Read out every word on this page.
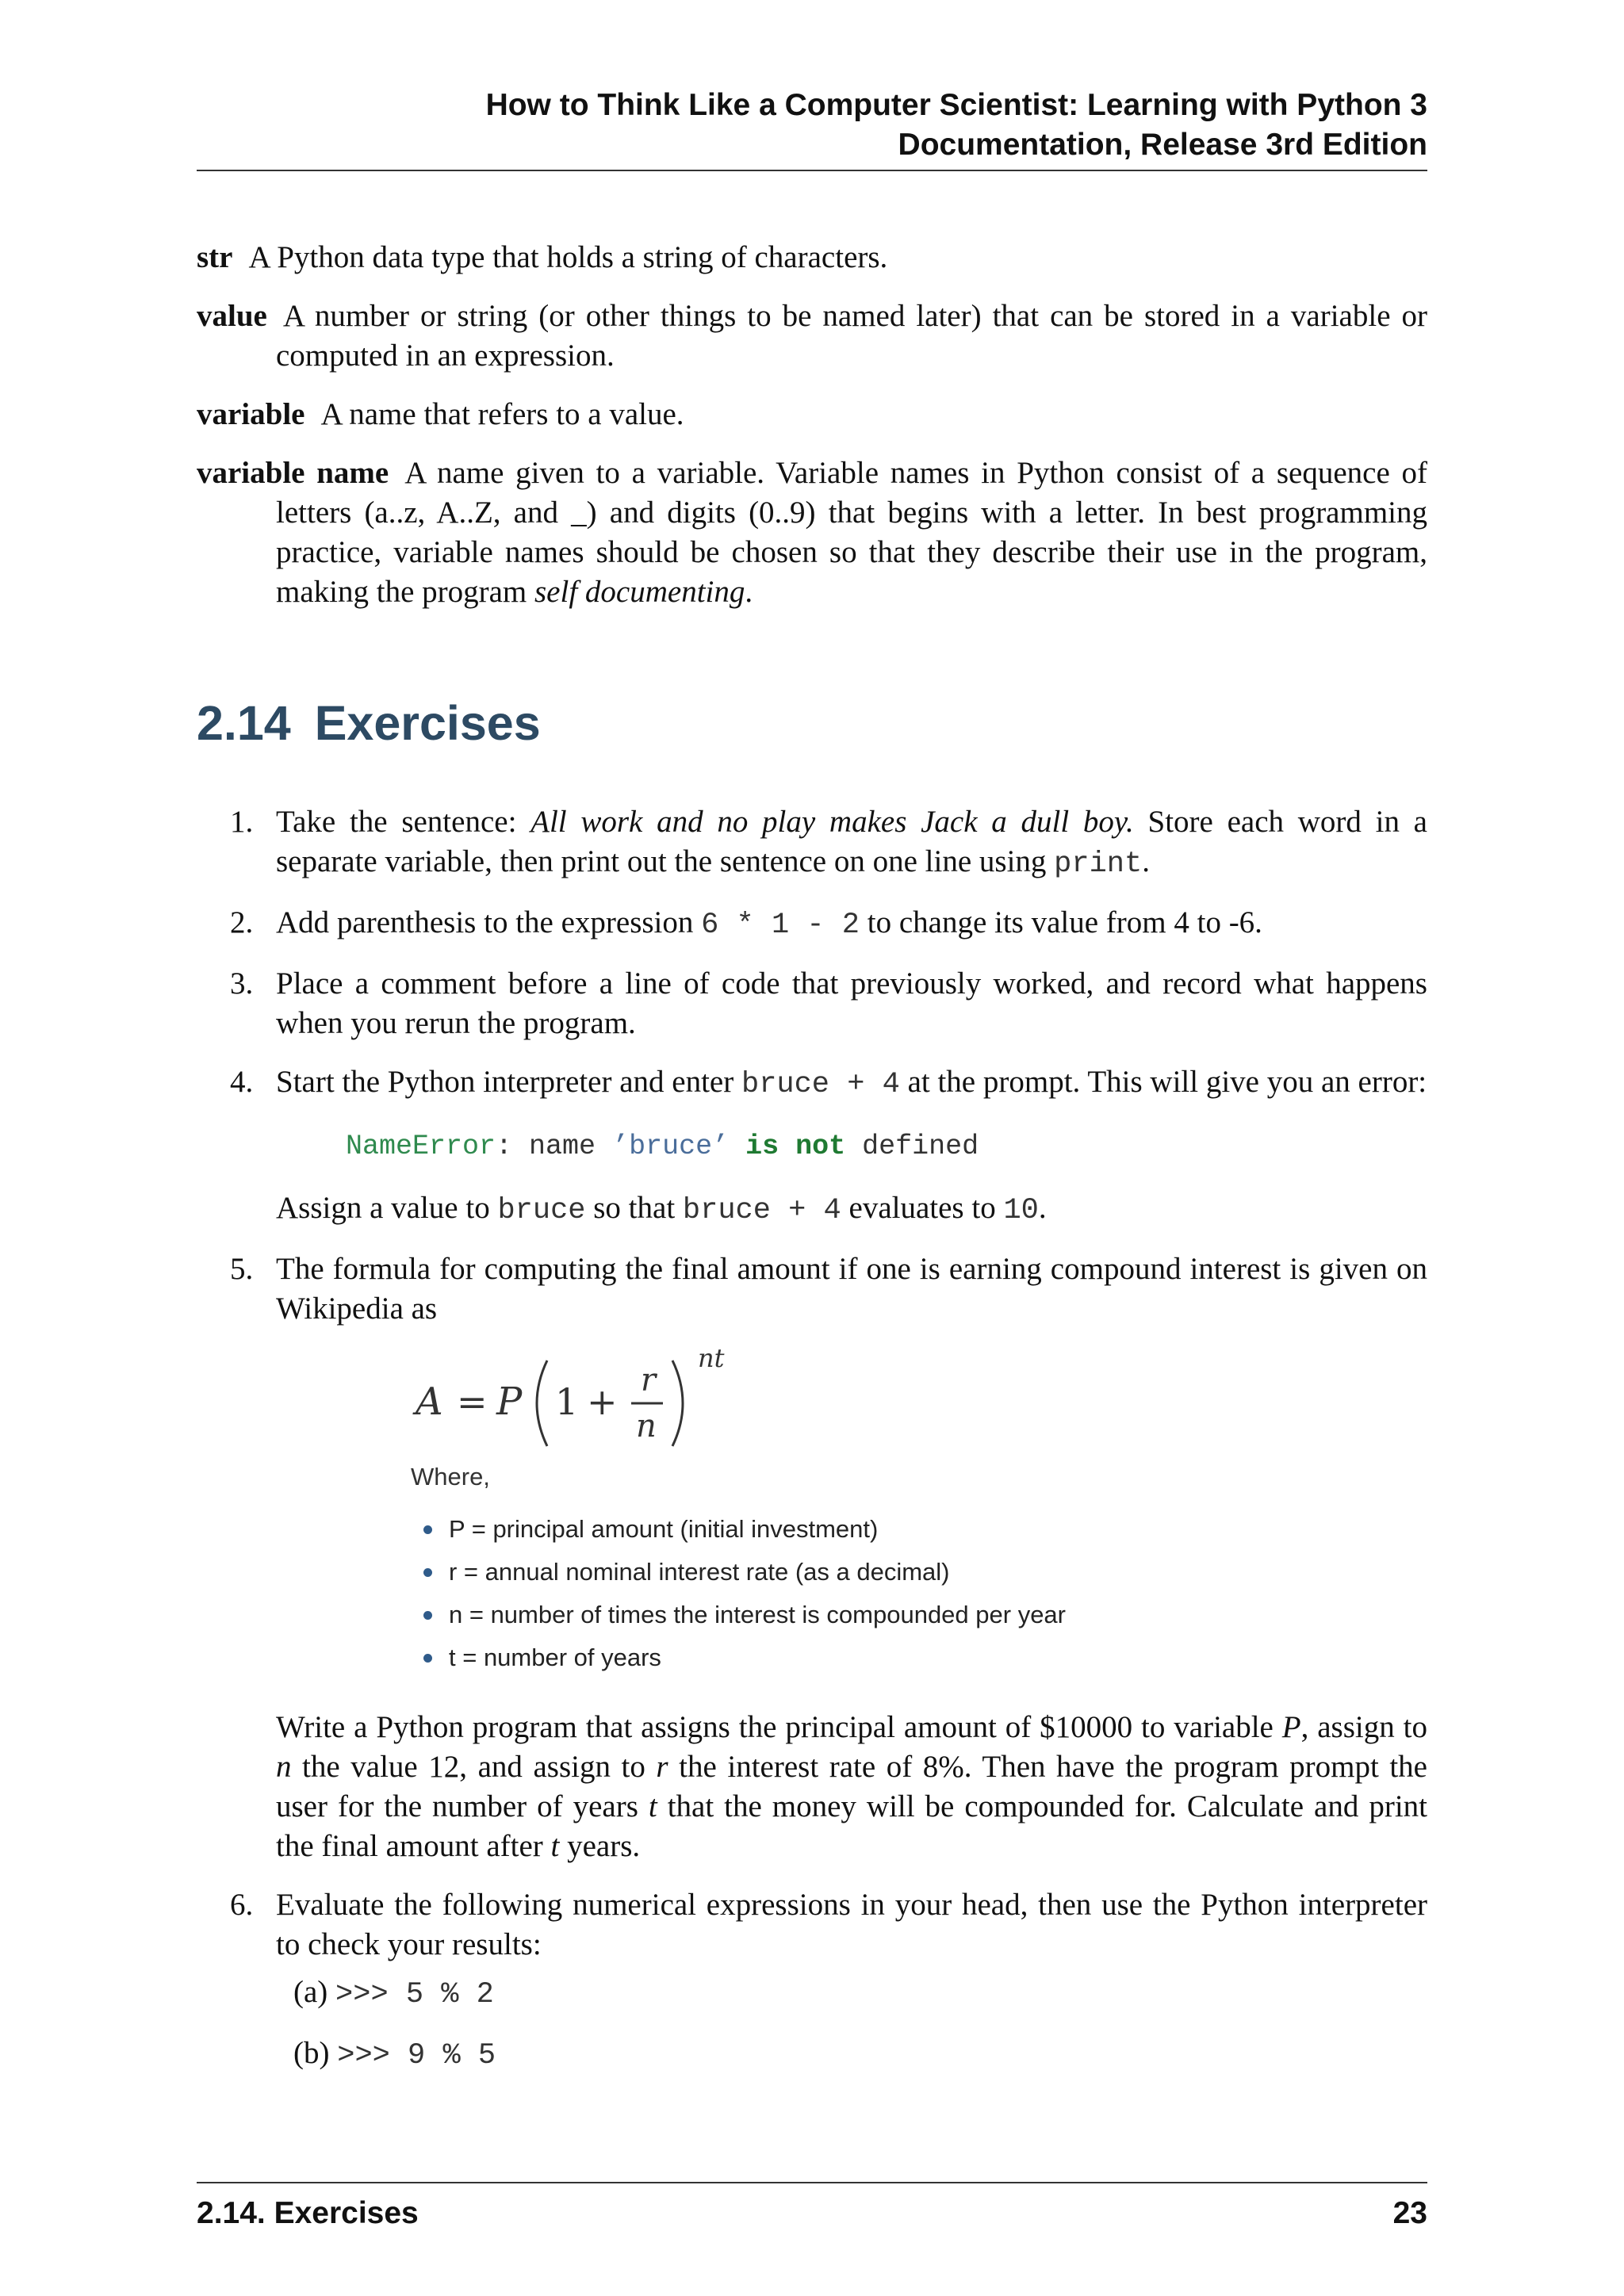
How to Think Like a Computer Scientist: Learning with Python 3
Documentation, Release 3rd Edition
str A Python data type that holds a string of characters.
value A number or string (or other things to be named later) that can be stored in a variable or computed in an expression.
variable A name that refers to a value.
variable name A name given to a variable. Variable names in Python consist of a sequence of letters (a..z, A..Z, and _) and digits (0..9) that begins with a letter. In best programming practice, variable names should be chosen so that they describe their use in the program, making the program self documenting.
2.14 Exercises
1. Take the sentence: All work and no play makes Jack a dull boy. Store each word in a separate variable, then print out the sentence on one line using print.
2. Add parenthesis to the expression 6 * 1 - 2 to change its value from 4 to -6.
3. Place a comment before a line of code that previously worked, and record what happens when you rerun the program.
4. Start the Python interpreter and enter bruce + 4 at the prompt. This will give you an error:
NameError: name ’bruce’ is not defined
Assign a value to bruce so that bruce + 4 evaluates to 10.
5. The formula for computing the final amount if one is earning compound interest is given on Wikipedia as
A = P 1 + r
n
nt
Where,
P = principal amount (initial investment)
r = annual nominal interest rate (as a decimal)
n = number of times the interest is compounded per year
t = number of years
Write a Python program that assigns the principal amount of $10000 to variable P, assign to n the value 12, and assign to r the interest rate of 8%. Then have the program prompt the user for the number of years t that the money will be compounded for. Calculate and print the final amount after t years.
6. Evaluate the following numerical expressions in your head, then use the Python interpreter to check your results:
(a) >>> 5 % 2
(b) >>> 9 % 5
2.14. Exercises	23
